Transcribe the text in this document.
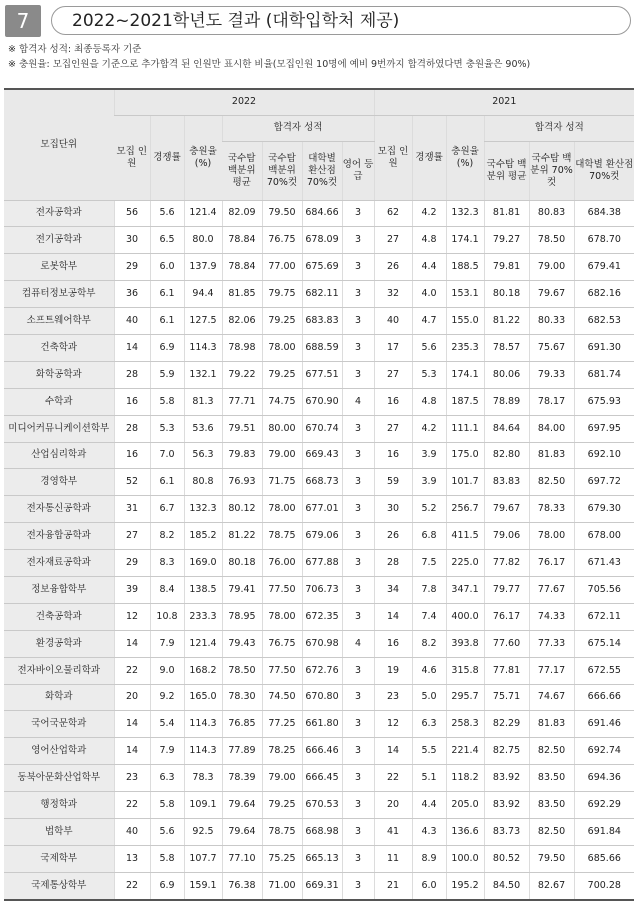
7	2022~2021학년도 결과 (대학입학처 제공)
※ 합격자 성적: 최종등록자 기준
※ 충원율: 모집인원을 기준으로 추가합격 된 인원만 표시한 비율(모집인원 10명에 예비 9번까지 합격하였다면 충원율은 90%)
모집단위	2022							2021					
	모집 인원	경쟁률	충원율 (%)	합격자 성적				모집 인원	경쟁률	충원율 (%)	합격자 성적		
				국수탐 백분위 평균	국수탐 백분위 70%컷	대학별 환산점 70%컷	영어 등급				국수탐 백분위 평균	국수탐 백분위 70%컷	대학별 환산점 70%컷
전자공학과	56	5.6	121.4	82.09	79.50	684.66	3	62	4.2	132.3	81.81	80.83	684.38
전기공학과	30	6.5	80.0	78.84	76.75	678.09	3	27	4.8	174.1	79.27	78.50	678.70
로봇학부	29	6.0	137.9	78.84	77.00	675.69	3	26	4.4	188.5	79.81	79.00	679.41
컴퓨터정보공학부	36	6.1	94.4	81.85	79.75	682.11	3	32	4.0	153.1	80.18	79.67	682.16
소프트웨어학부	40	6.1	127.5	82.06	79.25	683.83	3	40	4.7	155.0	81.22	80.33	682.53
건축학과	14	6.9	114.3	78.98	78.00	688.59	3	17	5.6	235.3	78.57	75.67	691.30
화학공학과	28	5.9	132.1	79.22	79.25	677.51	3	27	5.3	174.1	80.06	79.33	681.74
수학과	16	5.8	81.3	77.71	74.75	670.90	4	16	4.8	187.5	78.89	78.17	675.93
미디어커뮤니케이션학부	28	5.3	53.6	79.51	80.00	670.74	3	27	4.2	111.1	84.64	84.00	697.95
산업심리학과	16	7.0	56.3	79.83	79.00	669.43	3	16	3.9	175.0	82.80	81.83	692.10
경영학부	52	6.1	80.8	76.93	71.75	668.73	3	59	3.9	101.7	83.83	82.50	697.72
전자통신공학과	31	6.7	132.3	80.12	78.00	677.01	3	30	5.2	256.7	79.67	78.33	679.30
전자융합공학과	27	8.2	185.2	81.22	78.75	679.06	3	26	6.8	411.5	79.06	78.00	678.00
전자재료공학과	29	8.3	169.0	80.18	76.00	677.88	3	28	7.5	225.0	77.82	76.17	671.43
정보융합학부	39	8.4	138.5	79.41	77.50	706.73	3	34	7.8	347.1	79.77	77.67	705.56
건축공학과	12	10.8	233.3	78.95	78.00	672.35	3	14	7.4	400.0	76.17	74.33	672.11
환경공학과	14	7.9	121.4	79.43	76.75	670.98	4	16	8.2	393.8	77.60	77.33	675.14
전자바이오물리학과	22	9.0	168.2	78.50	77.50	672.76	3	19	4.6	315.8	77.81	77.17	672.55
화학과	20	9.2	165.0	78.30	74.50	670.80	3	23	5.0	295.7	75.71	74.67	666.66
국어국문학과	14	5.4	114.3	76.85	77.25	661.80	3	12	6.3	258.3	82.29	81.83	691.46
영어산업학과	14	7.9	114.3	77.89	78.25	666.46	3	14	5.5	221.4	82.75	82.50	692.74
동북아문화산업학부	23	6.3	78.3	78.39	79.00	666.45	3	22	5.1	118.2	83.92	83.50	694.36
행정학과	22	5.8	109.1	79.64	79.25	670.53	3	20	4.4	205.0	83.92	83.50	692.29
법학부	40	5.6	92.5	79.64	78.75	668.98	3	41	4.3	136.6	83.73	82.50	691.84
국제학부	13	5.8	107.7	77.10	75.25	665.13	3	11	8.9	100.0	80.52	79.50	685.66
국제통상학부	22	6.9	159.1	76.38	71.00	669.31	3	21	6.0	195.2	84.50	82.67	700.28
